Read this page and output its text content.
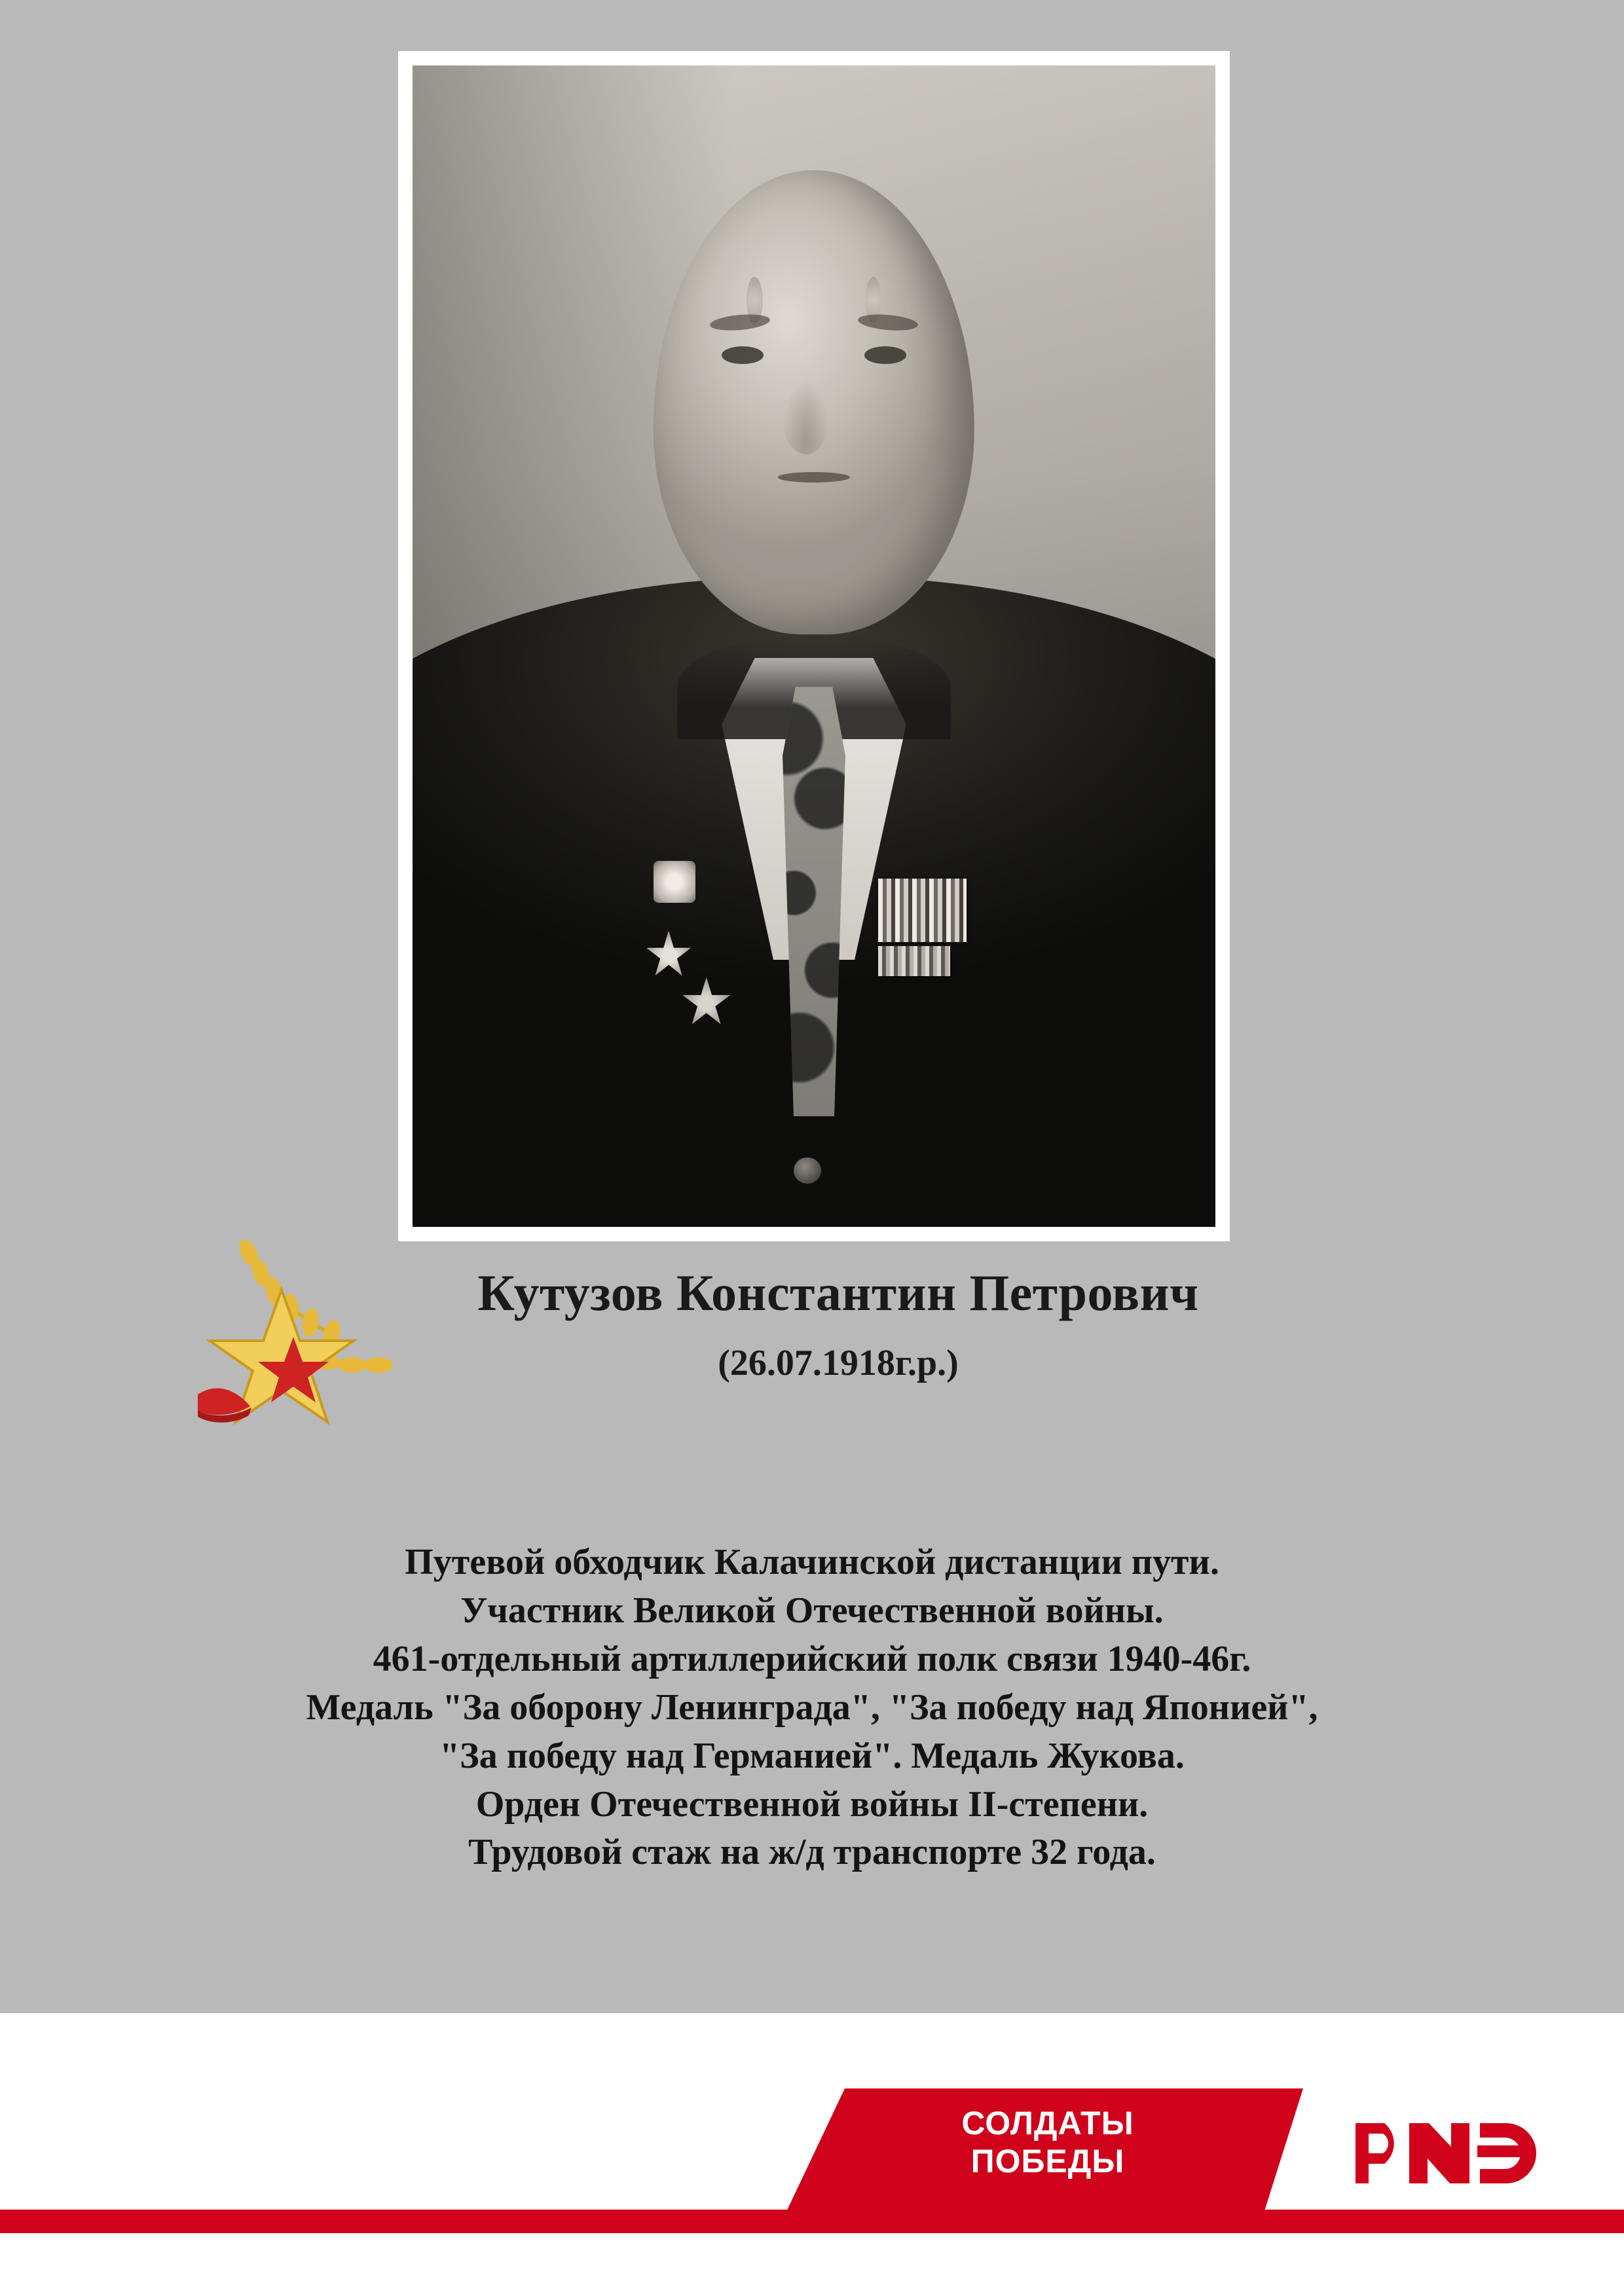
Кутузов Константин Петрович
(26.07.1918г.р.)
Путевой обходчик Калачинской дистанции пути.
Участник Великой Отечественной войны.
461-отдельный артиллерийский полк связи 1940-46г.
Медаль "За оборону Ленинграда", "За победу над Японией",
"За победу над Германией". Медаль Жукова.
Орден Отечественной войны II-степени.
Трудовой стаж на ж/д транспорте 32 года.
СОЛДАТЫ
ПОБЕДЫ
